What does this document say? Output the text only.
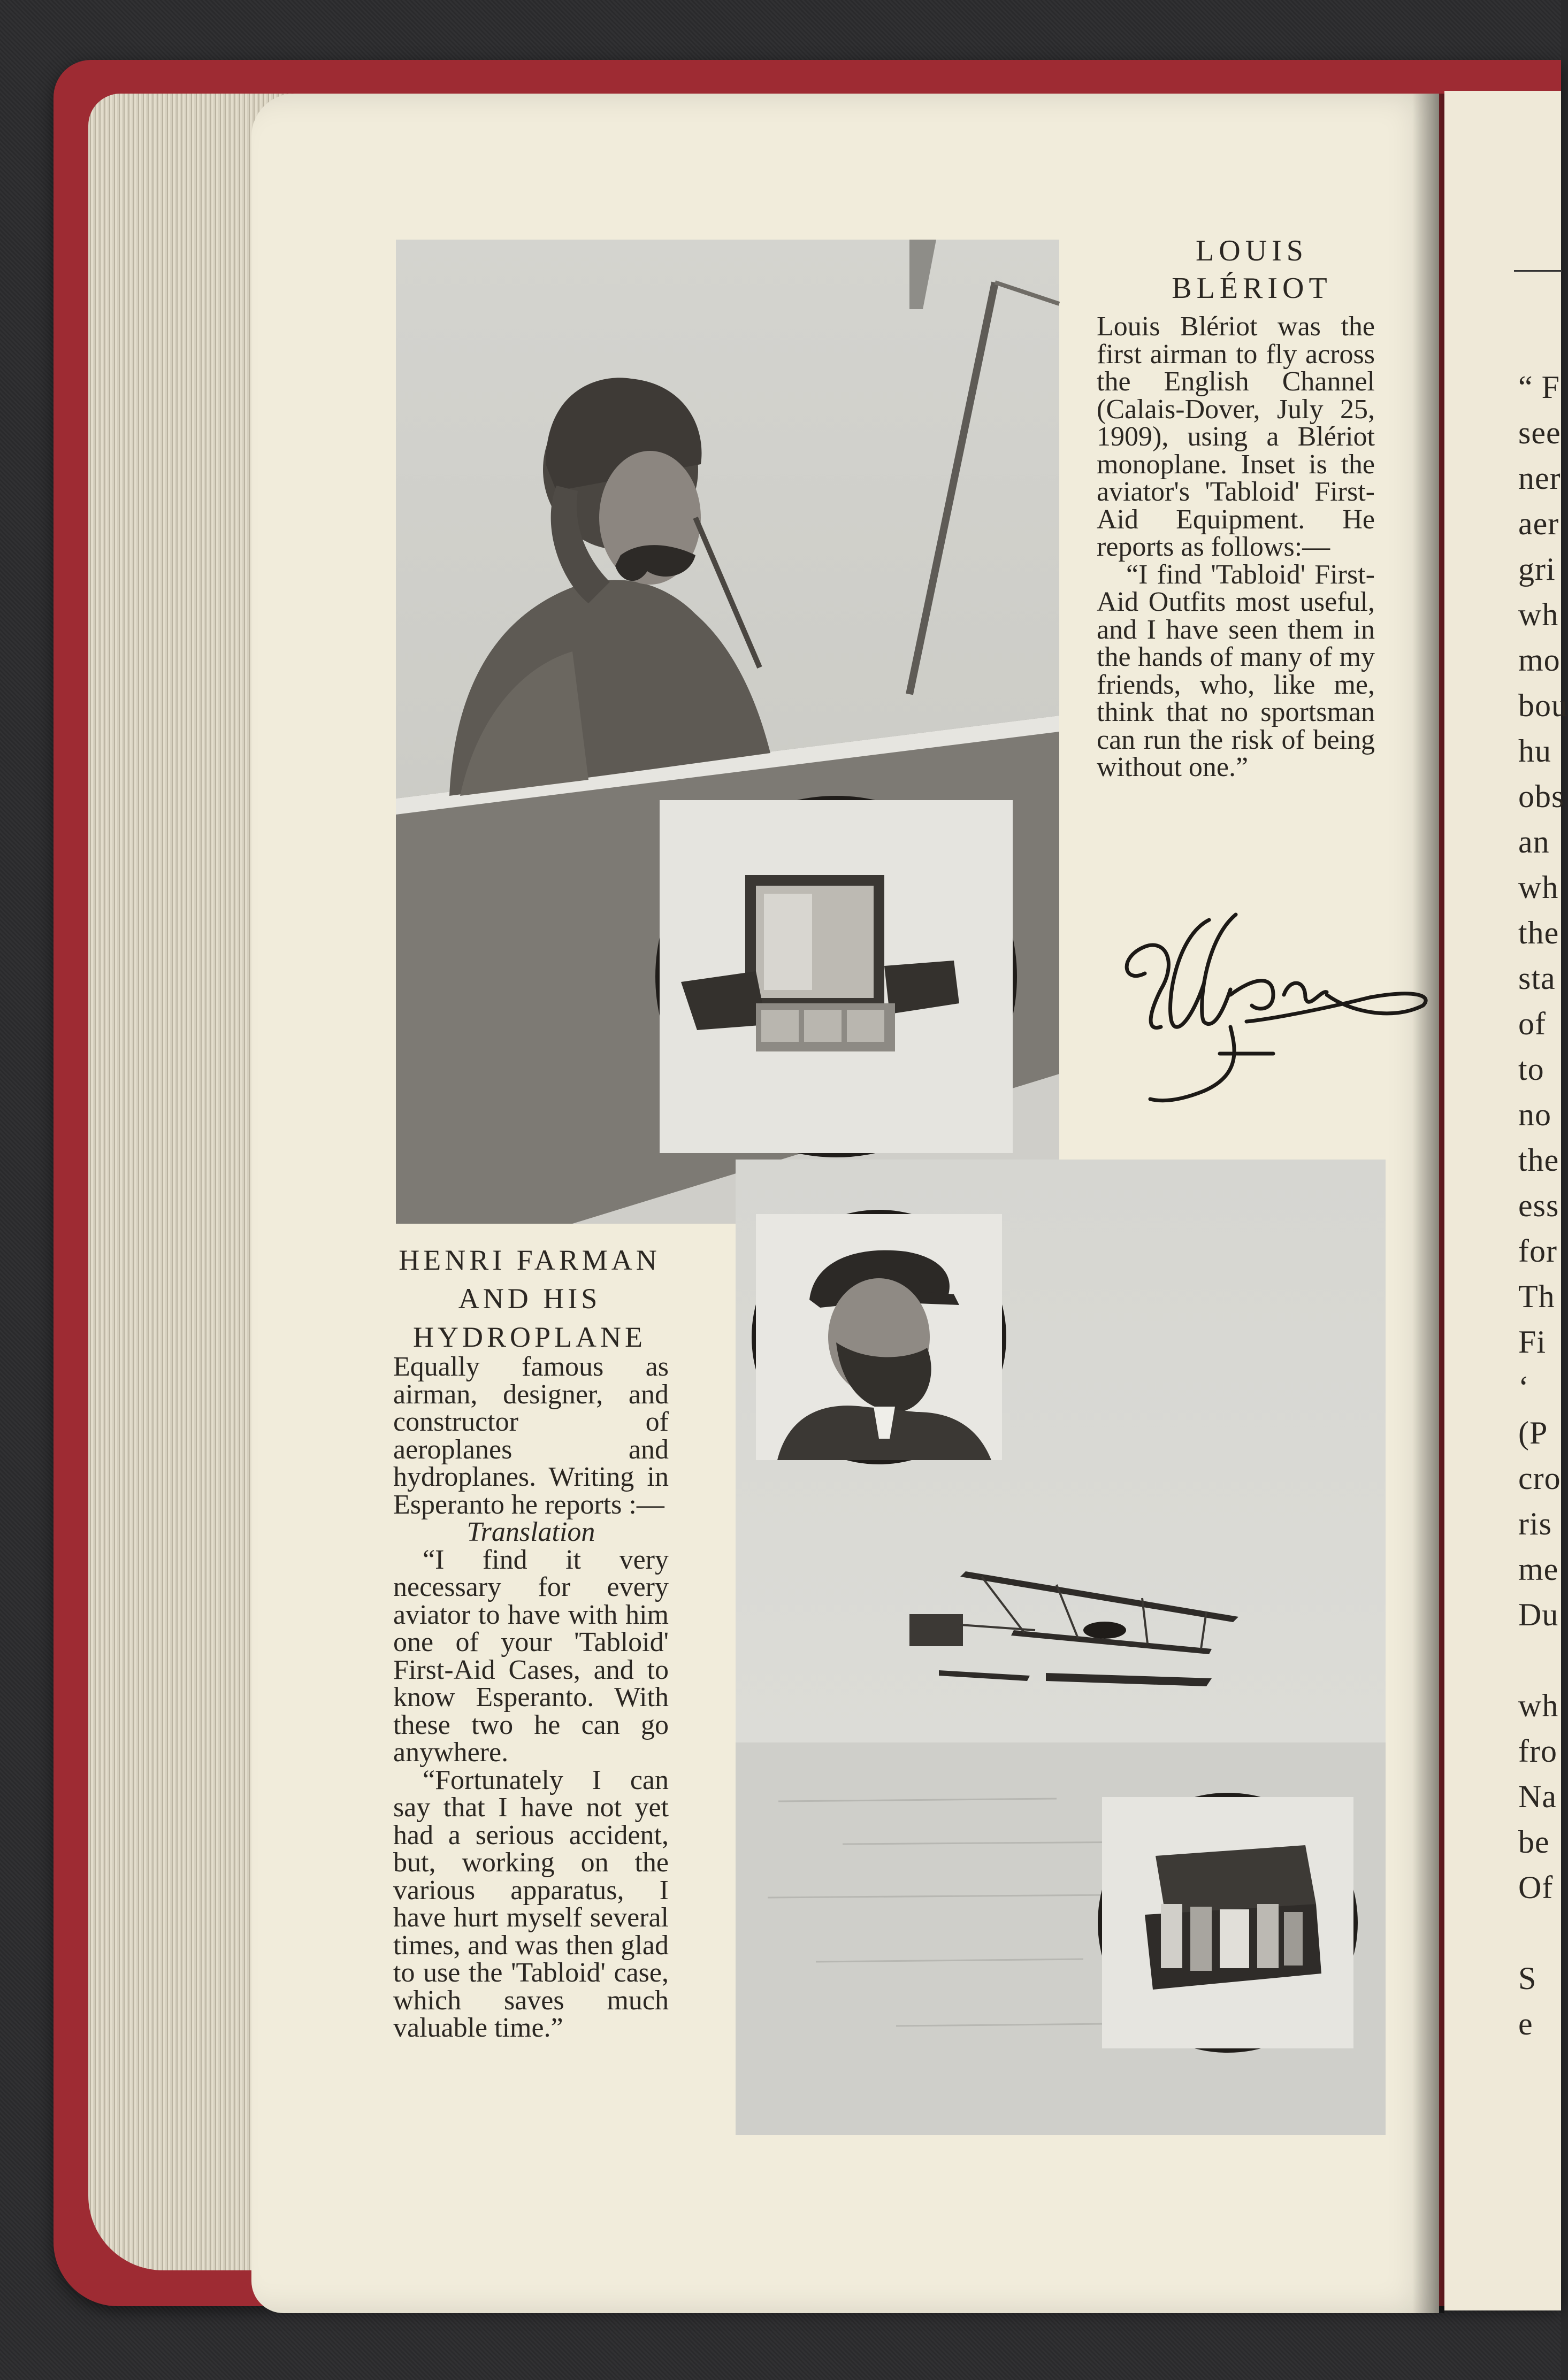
“ F
see
ner
aer
gri
wh
mo
bou
hu
obs
an
wh
the
sta
of
to
no
the
ess
for
Th
Fi
‘
(P
cro
ris
me
Du
wh
fro
Na
be
Of
S
e
LOUIS
BLÉRIOT

Louis Blériot was the first airman to fly across the English Channel (Calais-Dover, July 25, 1909), using a Blériot monoplane. Inset is the aviator's 'Tabloid' First-Aid Equipment. He reports as follows:—

“I find 'Tabloid' First-Aid Outfits most useful, and I have seen them in the hands of many of my friends, who, like me, think that no sportsman can run the risk of being without one.”

HENRI FARMAN
AND HIS
HYDROPLANE

Equally famous as airman, designer, and constructor of aeroplanes and hydroplanes. Writing in Esperanto he reports :—

Translation

“I find it very necessary for every aviator to have with him one of your 'Tabloid' First-Aid Cases, and to know Esperanto. With these two he can go anywhere.

“Fortunately I can say that I have not yet had a serious accident, but, working on the various apparatus, I have hurt myself several times, and was then glad to use the 'Tabloid' case, which saves much valuable time.”
